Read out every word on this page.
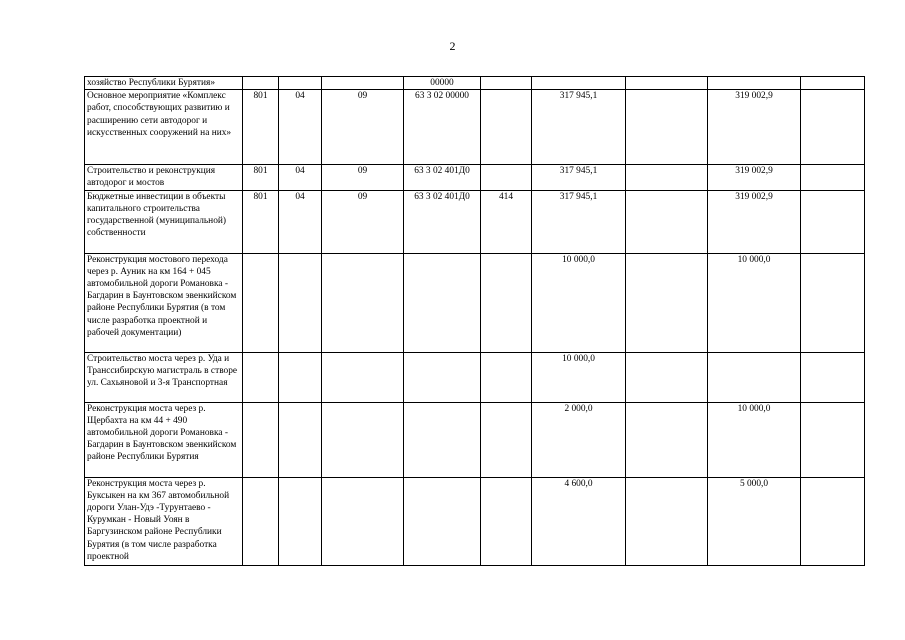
2
хозяйство Республики Бурятия»				00000					
Основное мероприятие «Комплекс работ, способствующих развитию и расширению сети автодорог и искусственных сооружений на них»	801	04	09	63 3 02 00000		317 945,1		319 002,9	
Строительство и реконструкция автодорог и мостов	801	04	09	63 3 02 401Д0		317 945,1		319 002,9	
Бюджетные инвестиции в объекты капитального строительства государственной (муниципальной) собственности	801	04	09	63 3 02 401Д0	414	317 945,1		319 002,9	
Реконструкция мостового перехода через р. Ауник на км 164 + 045 автомобильной дороги Романовка - Багдарин в Баунтовском эвенкийском районе Республики Бурятия (в том числе разработка проектной и рабочей документации)						10 000,0		10 000,0	
Строительство моста через р. Уда и Транссибирскую магистраль в створе ул. Сахьяновой и 3-я Транспортная						10 000,0			
Реконструкция моста через р. Щербахта на км 44 + 490 автомобильной дороги Романовка - Багдарин в Баунтовском эвенкийском районе Республики Бурятия						2 000,0		10 000,0	
Реконструкция моста через р. Буксыкен на км 367 автомобильной дороги Улан-Удэ -Турунтаево - Курумкан - Новый Уоян в Баргузинском районе Республики Бурятия (в том числе разработка проектной						4 600,0		5 000,0	
